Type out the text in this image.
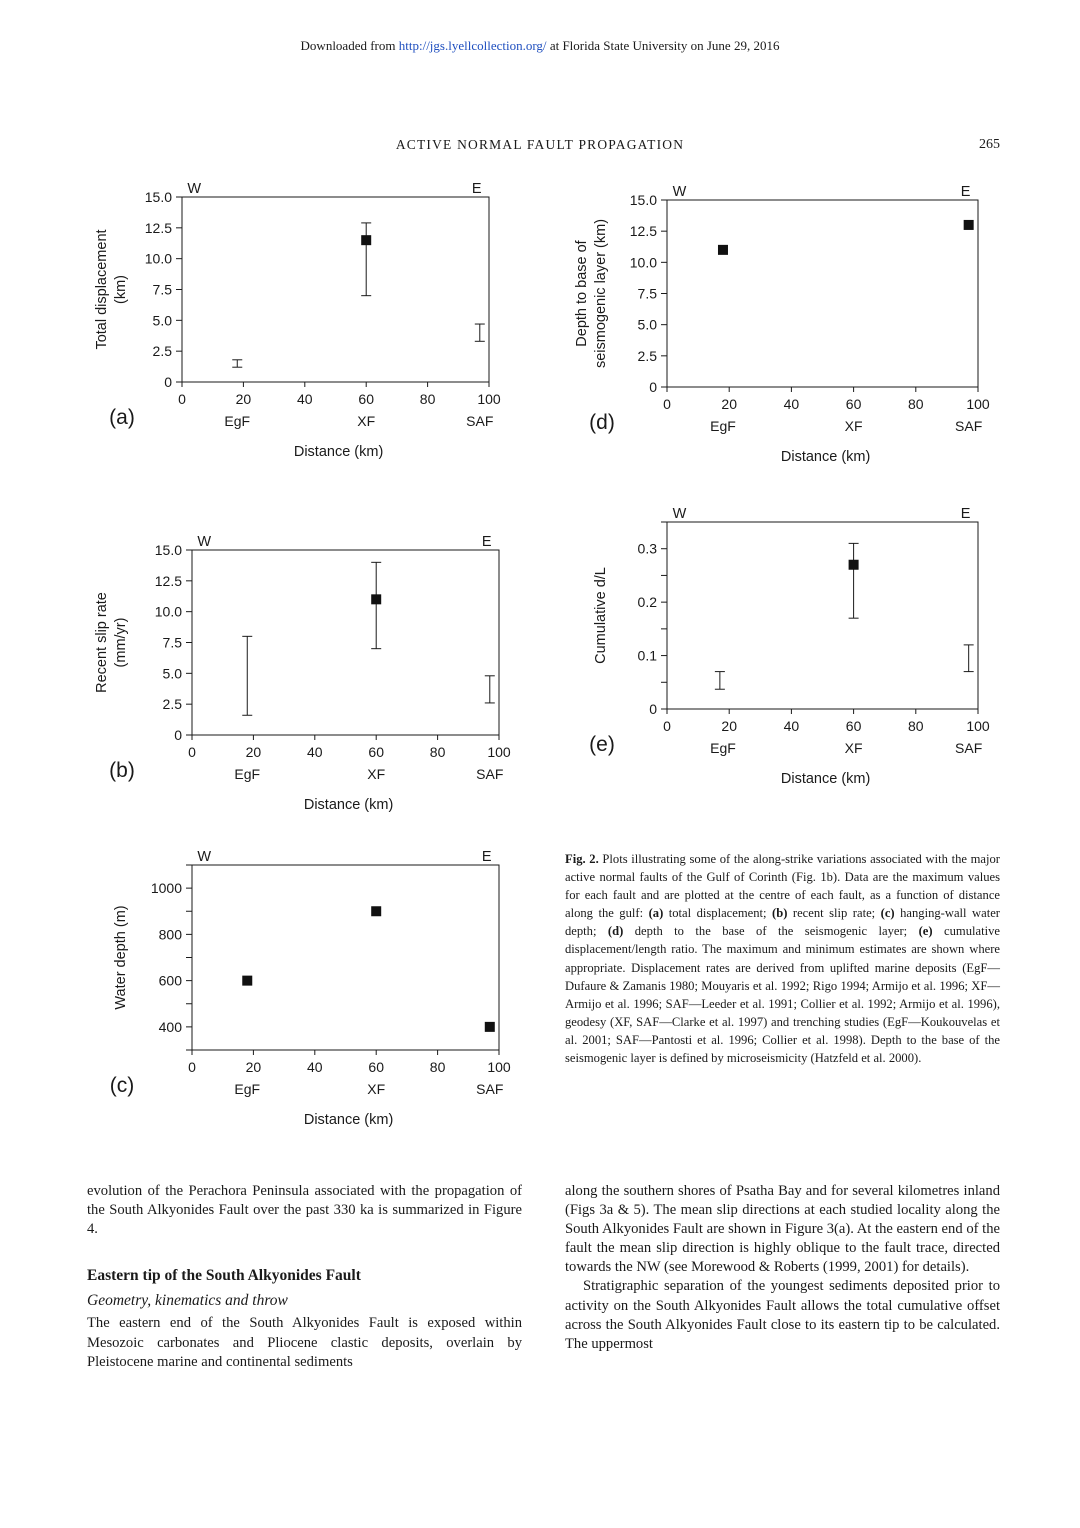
Downloaded from http://jgs.lyellcollection.org/ at Florida State University on June 29, 2016
ACTIVE NORMAL FAULT PROPAGATION	265
0
2.5
5.0
7.5
10.0
12.5
15.0
0	20	40	60	80	100
EgF	XF	SAF
W	E
Distance (km)
(a)
Total displacement (km)
0
2.5
5.0
7.5
10.0
12.5
15.0
0	20	40	60	80	100
EgF	XF	SAF
W	E
Distance (km)
(b)
Recent slip rate (mm/yr)
400
600
800
1000
0	20	40	60	80	100
EgF	XF	SAF
W	E
Distance (km)
(c)
Water depth (m)
0
2.5
5.0
7.5
10.0
12.5
15.0
0	20	40	60	80	100
EgF	XF	SAF
W	E
Distance (km)
(d)
Depth to base of seismogenic layer (km)
0
0.1
0.2
0.3
0	20	40	60	80	100
EgF	XF	SAF
W	E
Distance (km)
(e)
Cumulative d/L
Fig. 2. Plots illustrating some of the along-strike variations associated with the major active normal faults of the Gulf of Corinth (Fig. 1b). Data are the maximum values for each fault and are plotted at the centre of each fault, as a function of distance along the gulf: (a) total displacement; (b) recent slip rate; (c) hanging-wall water depth; (d) depth to the base of the seismogenic layer; (e) cumulative displacement/length ratio. The maximum and minimum estimates are shown where appropriate. Displacement rates are derived from uplifted marine deposits (EgF—Dufaure & Zamanis 1980; Mouyaris et al. 1992; Rigo 1994; Armijo et al. 1996; XF—Armijo et al. 1996; SAF—Leeder et al. 1991; Collier et al. 1992; Armijo et al. 1996), geodesy (XF, SAF—Clarke et al. 1997) and trenching studies (EgF—Koukouvelas et al. 2001; SAF—Pantosti et al. 1996; Collier et al. 1998). Depth to the base of the seismogenic layer is defined by microseismicity (Hatzfeld et al. 2000).

evolution of the Perachora Peninsula associated with the propagation of the South Alkyonides Fault over the past 330 ka is summarized in Figure 4.

Eastern tip of the South Alkyonides Fault
Geometry, kinematics and throw

The eastern end of the South Alkyonides Fault is exposed within Mesozoic carbonates and Pliocene clastic deposits, overlain by Pleistocene marine and continental sediments

along the southern shores of Psatha Bay and for several kilometres inland (Figs 3a & 5). The mean slip directions at each studied locality along the South Alkyonides Fault are shown in Figure 3(a). At the eastern end of the fault the mean slip direction is highly oblique to the fault trace, directed towards the NW (see Morewood & Roberts (1999, 2001) for details).

Stratigraphic separation of the youngest sediments deposited prior to activity on the South Alkyonides Fault allows the total cumulative offset across the South Alkyonides Fault close to its eastern tip to be calculated. The uppermost
